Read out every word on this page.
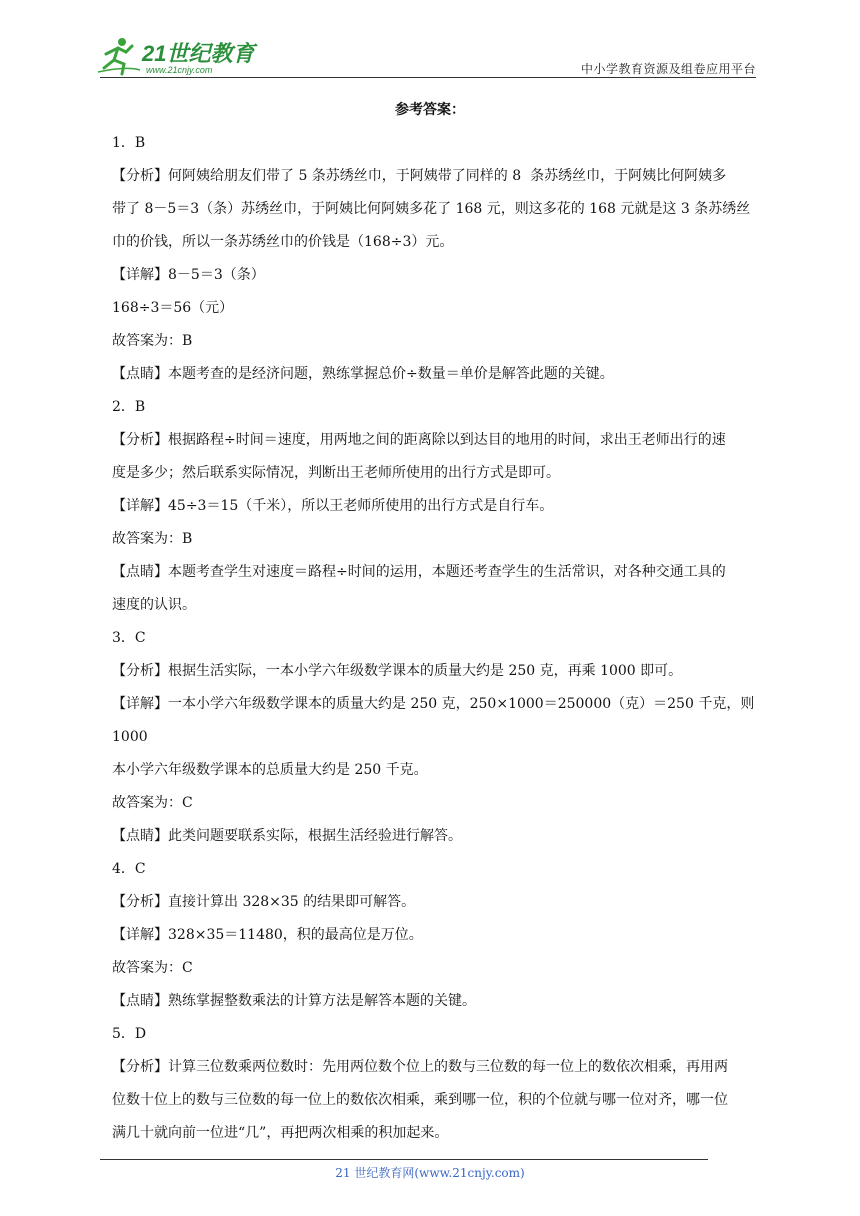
21世纪教育
www.21cnjy.com	中小学教育资源及组卷应用平台
参考答案：

1．B

【分析】何阿姨给朋友们带了 5 条苏绣丝巾，于阿姨带了同样的 8  条苏绣丝巾，于阿姨比何阿姨多

带了 8－5＝3（条）苏绣丝巾，于阿姨比何阿姨多花了 168 元，则这多花的 168 元就是这 3 条苏绣丝

巾的价钱，所以一条苏绣丝巾的价钱是（168÷3）元。

【详解】8－5＝3（条）

168÷3＝56（元）

故答案为：B

【点睛】本题考查的是经济问题，熟练掌握总价÷数量＝单价是解答此题的关键。

2．B

【分析】根据路程÷时间＝速度，用两地之间的距离除以到达目的地用的时间，求出王老师出行的速

度是多少；然后联系实际情况，判断出王老师所使用的出行方式是即可。

【详解】45÷3＝15（千米），所以王老师所使用的出行方式是自行车。

故答案为：B

【点睛】本题考查学生对速度＝路程÷时间的运用，本题还考查学生的生活常识，对各种交通工具的

速度的认识。

3．C

【分析】根据生活实际，一本小学六年级数学课本的质量大约是 250 克，再乘 1000 即可。

【详解】一本小学六年级数学课本的质量大约是 250 克，250×1000＝250000（克）＝250 千克，则 1000

本小学六年级数学课本的总质量大约是 250 千克。

故答案为：C

【点睛】此类问题要联系实际，根据生活经验进行解答。

4．C

【分析】直接计算出 328×35 的结果即可解答。

【详解】328×35＝11480，积的最高位是万位。

故答案为：C

【点睛】熟练掌握整数乘法的计算方法是解答本题的关键。

5．D

【分析】计算三位数乘两位数时：先用两位数个位上的数与三位数的每一位上的数依次相乘，再用两

位数十位上的数与三位数的每一位上的数依次相乘，乘到哪一位，积的个位就与哪一位对齐，哪一位

满几十就向前一位进“几”，再把两次相乘的积加起来。

21 世纪教育网(www.21cnjy.com)
